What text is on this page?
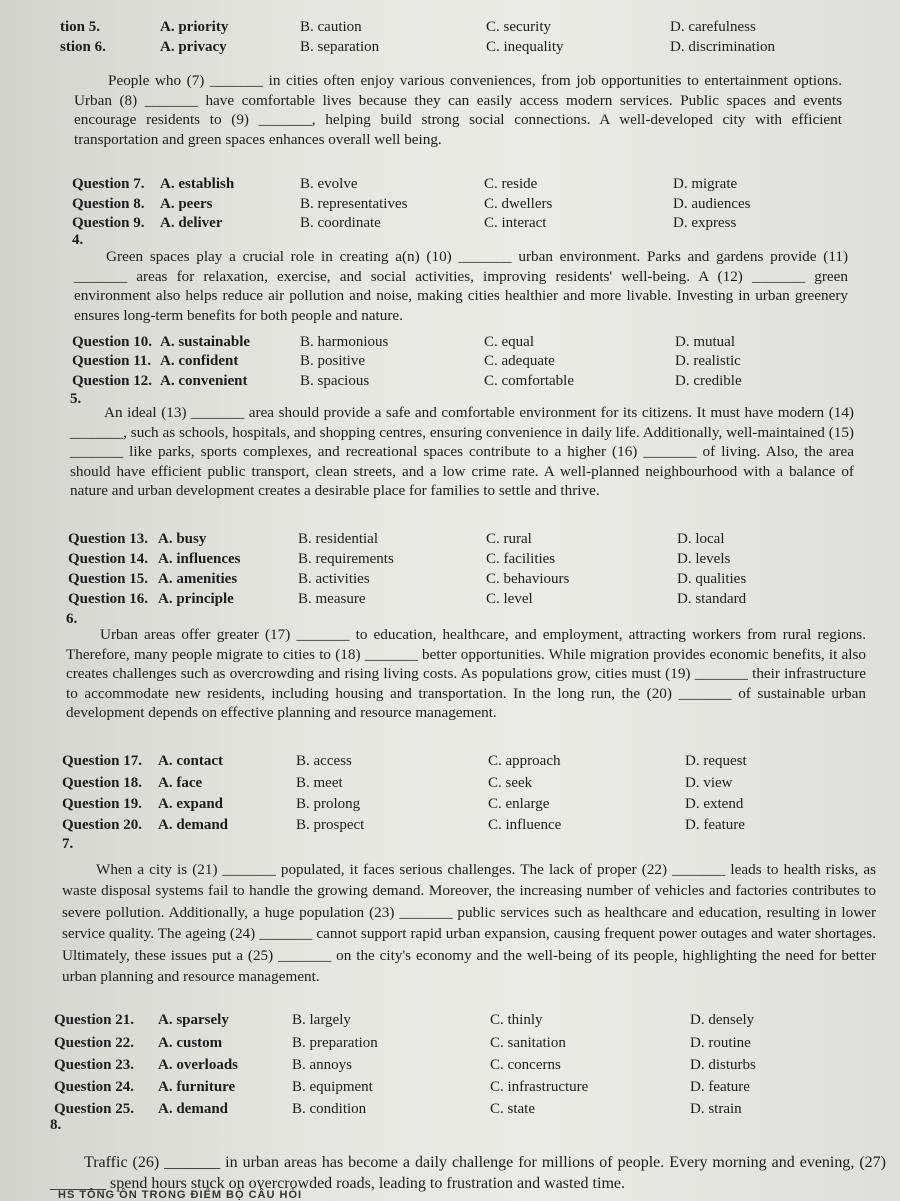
tion 5.	A. priority	B. caution	C. security	D. carefulness
stion 6.	A. privacy	B. separation	C. inequality	D. discrimination

People who (7) _______ in cities often enjoy various conveniences, from job opportunities to entertainment options. Urban (8) _______ have comfortable lives because they can easily access modern services. Public spaces and events encourage residents to (9) _______, helping build strong social connections. A well-developed city with efficient transportation and green spaces enhances overall well being.

Question 7. A. establish	B. evolve	C. reside	D. migrate
Question 8. A. peers	B. representatives	C. dwellers	D. audiences
Question 9. A. deliver	B. coordinate	C. interact	D. express
4.

Green spaces play a crucial role in creating a(n) (10) _______ urban environment. Parks and gardens provide (11) _______ areas for relaxation, exercise, and social activities, improving residents' well-being. A (12) _______ green environment also helps reduce air pollution and noise, making cities healthier and more livable. Investing in urban greenery ensures long-term benefits for both people and nature.

Question 10. A. sustainable	B. harmonious	C. equal	D. mutual
Question 11. A. confident	B. positive	C. adequate	D. realistic
Question 12. A. convenient	B. spacious	C. comfortable	D. credible
5.

An ideal (13) _______ area should provide a safe and comfortable environment for its citizens. It must have modern (14) _______, such as schools, hospitals, and shopping centres, ensuring convenience in daily life. Additionally, well-maintained (15) _______ like parks, sports complexes, and recreational spaces contribute to a higher (16) _______ of living. Also, the area should have efficient public transport, clean streets, and a low crime rate. A well-planned neighbourhood with a balance of nature and urban development creates a desirable place for families to settle and thrive.

Question 13. A. busy	B. residential	C. rural	D. local
Question 14. A. influences	B. requirements	C. facilities	D. levels
Question 15. A. amenities	B. activities	C. behaviours	D. qualities
Question 16. A. principle	B. measure	C. level	D. standard
6.

Urban areas offer greater (17) _______ to education, healthcare, and employment, attracting workers from rural regions. Therefore, many people migrate to cities to (18) _______ better opportunities. While migration provides economic benefits, it also creates challenges such as overcrowding and rising living costs. As populations grow, cities must (19) _______ their infrastructure to accommodate new residents, including housing and transportation. In the long run, the (20) _______ of sustainable urban development depends on effective planning and resource management.

Question 17. A. contact	B. access	C. approach	D. request
Question 18. A. face	B. meet	C. seek	D. view
Question 19. A. expand	B. prolong	C. enlarge	D. extend
Question 20. A. demand	B. prospect	C. influence	D. feature
7.

When a city is (21) _______ populated, it faces serious challenges. The lack of proper (22) _______ leads to health risks, as waste disposal systems fail to handle the growing demand. Moreover, the increasing number of vehicles and factories contributes to severe pollution. Additionally, a huge population (23) _______ public services such as healthcare and education, resulting in lower service quality. The ageing (24) _______ cannot support rapid urban expansion, causing frequent power outages and water shortages. Ultimately, these issues put a (25) _______ on the city's economy and the well-being of its people, highlighting the need for better urban planning and resource management.

Question 21. A. sparsely	B. largely	C. thinly	D. densely
Question 22. A. custom	B. preparation	C. sanitation	D. routine
Question 23. A. overloads	B. annoys	C. concerns	D. disturbs
Question 24. A. furniture	B. equipment	C. infrastructure	D. feature
Question 25. A. demand	B. condition	C. state	D. strain
8.

Traffic (26) _______ in urban areas has become a daily challenge for millions of people. Every morning and evening, (27) _______ spend hours stuck on overcrowded roads, leading to frustration and wasted time.

HS TÔNG ÔN TRONG ĐIỂM BỘ CÂU HỎI
